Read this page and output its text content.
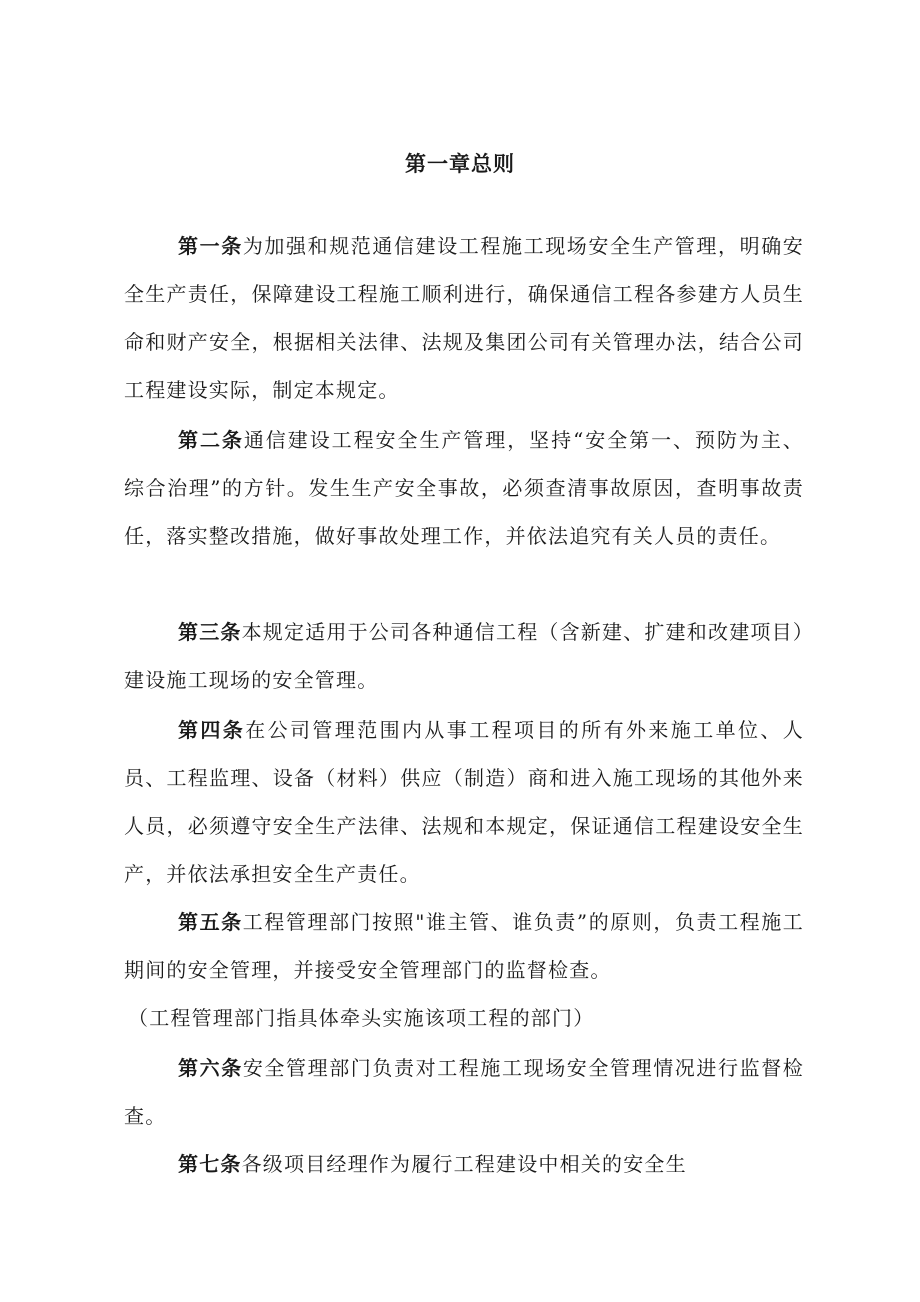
第一章总则

第一条为加强和规范通信建设工程施工现场安全生产管理，明确安全生产责任，保障建设工程施工顺利进行，确保通信工程各参建方人员生命和财产安全，根据相关法律、法规及集团公司有关管理办法，结合公司工程建设实际，制定本规定。

第二条通信建设工程安全生产管理，坚持“安全第一、预防为主、综合治理”的方针。发生生产安全事故，必须查清事故原因，查明事故责任，落实整改措施，做好事故处理工作，并依法追究有关人员的责任。

第三条本规定适用于公司各种通信工程（含新建、扩建和改建项目）建设施工现场的安全管理。

第四条在公司管理范围内从事工程项目的所有外来施工单位、人员、工程监理、设备（材料）供应（制造）商和进入施工现场的其他外来人员，必须遵守安全生产法律、法规和本规定，保证通信工程建设安全生产，并依法承担安全生产责任。

第五条工程管理部门按照"谁主管、谁负责”的原则，负责工程施工期间的安全管理，并接受安全管理部门的监督检查。

（工程管理部门指具体牵头实施该项工程的部门）

第六条安全管理部门负责对工程施工现场安全管理情况进行监督检查。

第七条各级项目经理作为履行工程建设中相关的安全生
